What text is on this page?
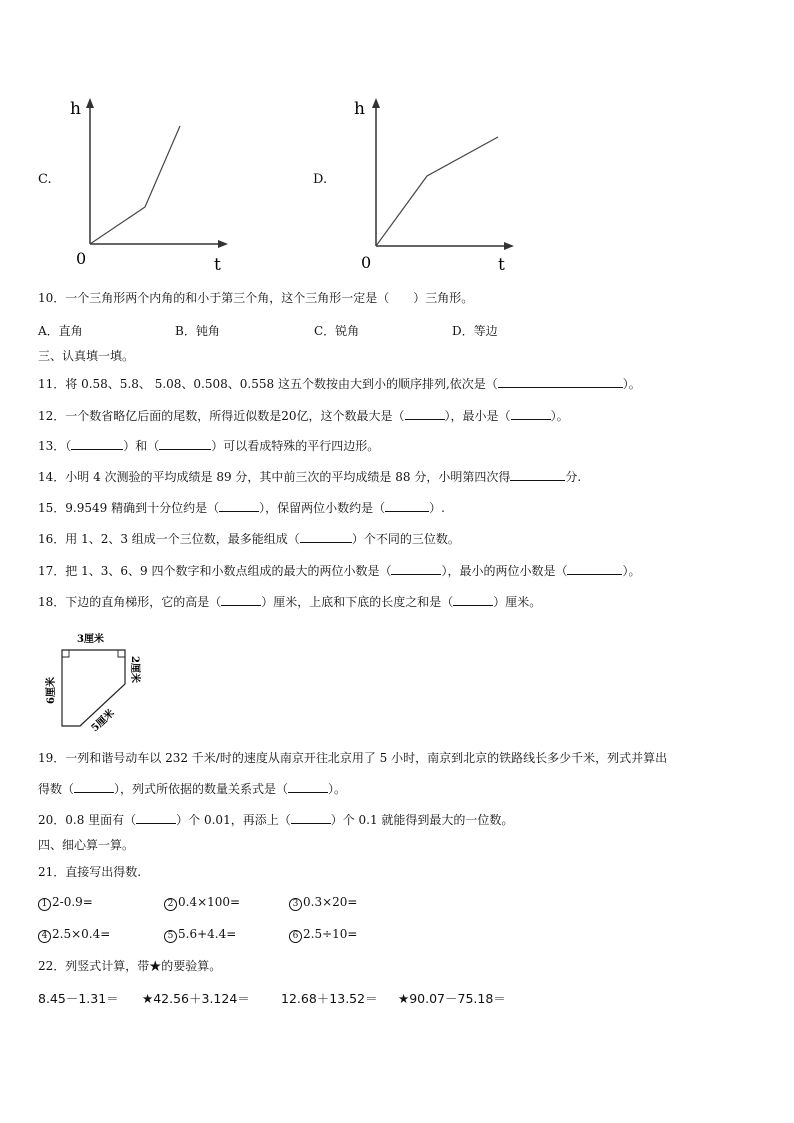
C.
h
0	t
D.
h
0	t
10．一个三角形两个内角的和小于第三个角，这个三角形一定是（　　）三角形。
A．直角	B．钝角	C．锐角	D．等边
三、认真填一填。
11．将 0.58、5.8、 5.08、0.508、0.558 这五个数按由大到小的顺序排列,依次是（	）。
12．一个数省略亿后面的尾数，所得近似数是20亿，这个数最大是（	），最小是（	）。
13．（	）和（	）可以看成特殊的平行四边形。
14．小明 4 次测验的平均成绩是 89 分，其中前三次的平均成绩是 88 分，小明第四次得	分.
15．9.9549 精确到十分位约是（	），保留两位小数约是（	）.
16．用 1、2、3 组成一个三位数，最多能组成（	）个不同的三位数。
17．把 1、3、6、9 四个数字和小数点组成的最大的两位小数是（	），最小的两位小数是（	）。
18．下边的直角梯形，它的高是（	）厘米，上底和下底的长度之和是（	）厘米。
3厘米
6厘米
2厘米
5厘米
19．一列和谐号动车以 232 千米/时的速度从南京开往北京用了 5 小时，南京到北京的铁路线长多少千米，列式并算出
得数（	），列式所依据的数量关系式是（	）。
20．0.8 里面有（	）个 0.01，再添上（	）个 0.1 就能得到最大的一位数。
四、细心算一算。
21．直接写出得数.
1 2-0.9=	2 0.4×100=	3 0.3×20=
4 2.5×0.4=	5 5.6+4.4=	6 2.5÷10=
22．列竖式计算，带★的要验算。
8.45－1.31＝ ★42.56＋3.124＝ 12.68＋13.52＝ ★90.07－75.18＝
